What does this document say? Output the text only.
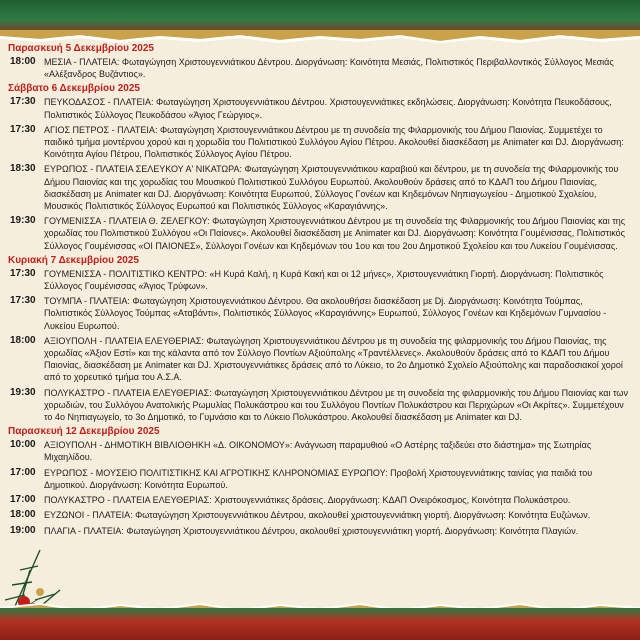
Παρασκευή 5 Δεκεμβρίου 2025
18:00 ΜΕΣΙΑ - ΠΛΑΤΕΙΑ: Φωταγώγηση Χριστουγεννιάτικου Δέντρου. Διοργάνωση: Κοινότητα Μεσιάς, Πολιτιστικός Περιβαλλοντικός Σύλλογος Μεσιάς «Αλέξανδρος Βυζάντιος».
Σάββατο 6 Δεκεμβρίου 2025
17:30 ΠΕΥΚΟΔΑΣΟΣ - ΠΛΑΤΕΙΑ: Φωταγώγηση Χριστουγεννιάτικου Δέντρου. Χριστουγεννιάτικες εκδηλώσεις. Διοργάνωση: Κοινότητα Πευκοδάσους, Πολιτιστικός Σύλλογος Πευκοδάσου «Άγιος Γεώργιος».
17:30 ΑΓΙΟΣ ΠΕΤΡΟΣ - ΠΛΑΤΕΙΑ: Φωταγώγηση Χριστουγεννιάτικου Δέντρου με τη συνοδεία της Φιλαρμονικής του Δήμου Παιονίας. Συμμετέχει το παιδικό τμήμα μοντέρνου χορού και η χορωδία του Πολιτιστικού Συλλόγου Αγίου Πέτρου. Ακολουθεί διασκέδαση με Animater και DJ. Διοργάνωση: Κοινότητα Αγίου Πέτρου, Πολιτιστικός Σύλλογος Αγίου Πέτρου.
18:30 ΕΥΡΩΠΟΣ - ΠΛΑΤΕΙΑ ΣΕΛΕΥΚΟΥ Α' ΝΙΚΑΤΩΡΑ: Φωταγώγηση Χριστουγεννιάτικου καραβιού και δέντρου, με τη συνοδεία της Φιλαρμονικής του Δήμου Παιονίας και της χορωδίας του Μουσικού Πολιτιστικού Συλλόγου Ευρωπού. Ακολουθούν δράσεις από το ΚΔΑΠ του Δήμου Παιονίας, διασκέδαση με Animater και DJ. Διοργάνωση: Κοινότητα Ευρωπού, Σύλλογος Γονέων και Κηδεμόνων Νηπιαγωγείου - Δημοτικού Σχολείου, Μουσικός Πολιτιστικός Σύλλογος Ευρωπού και Πολιτιστικός Σύλλογος «Καραγιάννης».
19:30 ΓΟΥΜΕΝΙΣΣΑ - ΠΛΑΤΕΙΑ Θ. ΖΕΛΕΓΚΟΥ: Φωταγώγηση Χριστουγεννιάτικου Δέντρου με τη συνοδεία της Φιλαρμονικής του Δήμου Παιονίας και της χορωδίας του Πολιτιστικού Συλλόγου «Οι Παίονες». Ακολουθεί διασκέδαση με Animater και DJ. Διοργάνωση: Κοινότητα Γουμένισσας, Πολιτιστικός Σύλλογος Γουμένισσας «ΟΙ ΠΑΙΟΝΕΣ», Σύλλογοι Γονέων και Κηδεμόνων του 1ου και του 2ου Δημοτικού Σχολείου και του Λυκείου Γουμένισσας.
Κυριακή 7 Δεκεμβρίου 2025
17:30 ΓΟΥΜΕΝΙΣΣΑ - ΠΟΛΙΤΙΣΤΙΚΟ ΚΕΝΤΡΟ: «Η Κυρά Καλή, η Κυρά Κακή και οι 12 μήνες», Χριστουγεννιάτικη Γιορτή. Διοργάνωση: Πολιτιστικός Σύλλογος Γουμένισσας «Άγιος Τρύφων».
17:30 ΤΟΥΜΠΑ - ΠΛΑΤΕΙΑ: Φωταγώγηση Χριστουγεννιάτικου Δέντρου. Θα ακολουθήσει διασκέδαση με Dj. Διοργάνωση: Κοινότητα Τούμπας, Πολιτιστικός Σύλλογος Τούμπας «Αταβάντι», Πολιτιστικός Σύλλογος «Καραγιάννης» Ευρωπού, Σύλλογος Γονέων και Κηδεμόνων Γυμνασίου - Λυκείου Ευρωπού.
18:00 ΑΞΙΟΥΠΟΛΗ - ΠΛΑΤΕΙΑ ΕΛΕΥΘΕΡΙΑΣ: Φωταγώγηση Χριστουγεννιάτικου Δέντρου με τη συνοδεία της φιλαρμονικής του Δήμου Παιονίας, της χορωδίας «Άξιον Εστί» και της κάλαντα από τον Σύλλογο Ποντίων Αξιούπολης «Τραντέλλενες». Ακολουθούν δράσεις από το ΚΔΑΠ του Δήμου Παιονίας, διασκέδαση με Animater και DJ. Χριστουγεννιάτικες δράσεις από το Λύκειο, το 2ο Δημοτικό Σχολείο Αξιούπολης και παραδοσιακοί χοροί από το χορευτικό τμήμα του Α.Σ.Α.
19:30 ΠΟΛΥΚΑΣΤΡΟ - ΠΛΑΤΕΙΑ ΕΛΕΥΘΕΡΙΑΣ: Φωταγώγηση Χριστουγεννιάτικου Δέντρου με τη συνοδεία της φιλαρμονικής του Δήμου Παιονίας και των χορωδιών, του Συλλόγου Ανατολικής Ρωμυλίας Πολυκάστρου και του Συλλόγου Ποντίων Πολυκάστρου και Περιχώρων «Οι Ακρίτες». Συμμετέχουν το 4ο Νηπιαγωγείο, το 3ο Δημοτικό, το Γυμνάσιο και το Λύκειο Πολυκάστρου. Ακολουθεί διασκέδαση με Animater και DJ.
Παρασκευή 12 Δεκεμβρίου 2025
10:00 ΑΞΙΟΥΠΟΛΗ - ΔΗΜΟΤΙΚΗ ΒΙΒΛΙΟΘΗΚΗ «Δ. ΟΙΚΟΝΟΜΟΥ»: Ανάγνωση παραμυθιού «Ο Αστέρης ταξιδεύει στο διάστημα» της Σωτηρίας Μιχαηλίδου.
17:00 ΕΥΡΩΠΟΣ - ΜΟΥΣΕΙΟ ΠΟΛΙΤΙΣΤΙΚΗΣ ΚΑΙ ΑΓΡΟΤΙΚΗΣ ΚΛΗΡΟΝΟΜΙΑΣ ΕΥΡΩΠΟΥ: Προβολή Χριστουγεννιάτικης ταινίας για παιδιά του Δημοτικού. Διοργάνωση: Κοινότητα Ευρωπού.
17:00 ΠΟΛΥΚΑΣΤΡΟ - ΠΛΑΤΕΙΑ ΕΛΕΥΘΕΡΙΑΣ: Χριστουγεννιάτικες δράσεις. Διοργάνωση: ΚΔΑΠ Ονειρόκοσμος, Κοινότητα Πολυκάστρου.
18:00 ΕΥΖΩΝΟΙ - ΠΛΑΤΕΙΑ: Φωταγώγηση Χριστουγεννιάτικου Δέντρου, ακολουθεί χριστουγεννιάτικη γιορτή. Διοργάνωση: Κοινότητα Ευζώνων.
19:00 ΠΛΑΓΙΑ - ΠΛΑΤΕΙΑ: Φωταγώγηση Χριστουγεννιάτικου Δέντρου, ακολουθεί χριστουγεννιάτικη γιορτή. Διοργάνωση: Κοινότητα Πλαγιών.
